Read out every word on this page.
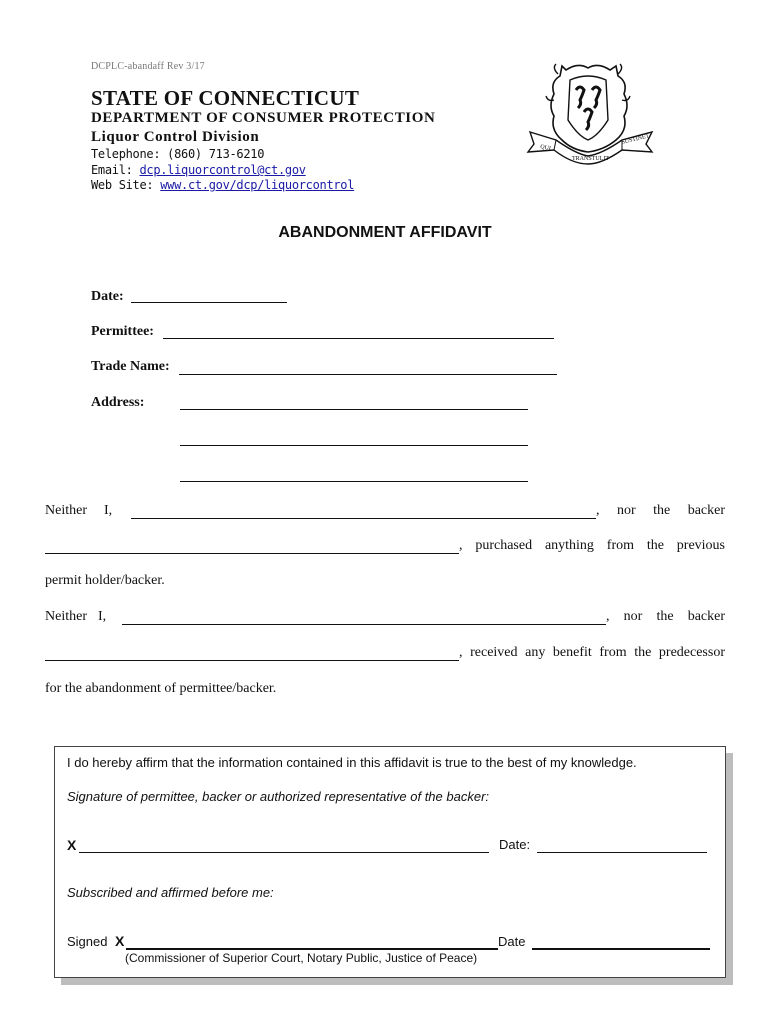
DCPLC-abandaff Rev 3/17
STATE OF CONNECTICUT
DEPARTMENT OF CONSUMER PROTECTION
Liquor Control Division
Telephone: (860) 713-6210
Email: dcp.liquorcontrol@ct.gov
Web Site: www.ct.gov/dcp/liquorcontrol
QUI
TRANSTULIT
SUSTINET
ABANDONMENT AFFIDAVIT
Date:
Permittee:
Trade Name:
Address:
Neither I,	, nor the backer
, purchased anything from the previous
permit holder/backer.
Neither I,	, nor the backer
, received any benefit from the predecessor
for the abandonment of permittee/backer.
I do hereby affirm that the information contained in this affidavit is true to the best of my knowledge.
Signature of permittee, backer or authorized representative of the backer:
X	Date:
Subscribed and affirmed before me:
Signed X	Date
(Commissioner of Superior Court, Notary Public, Justice of Peace)
